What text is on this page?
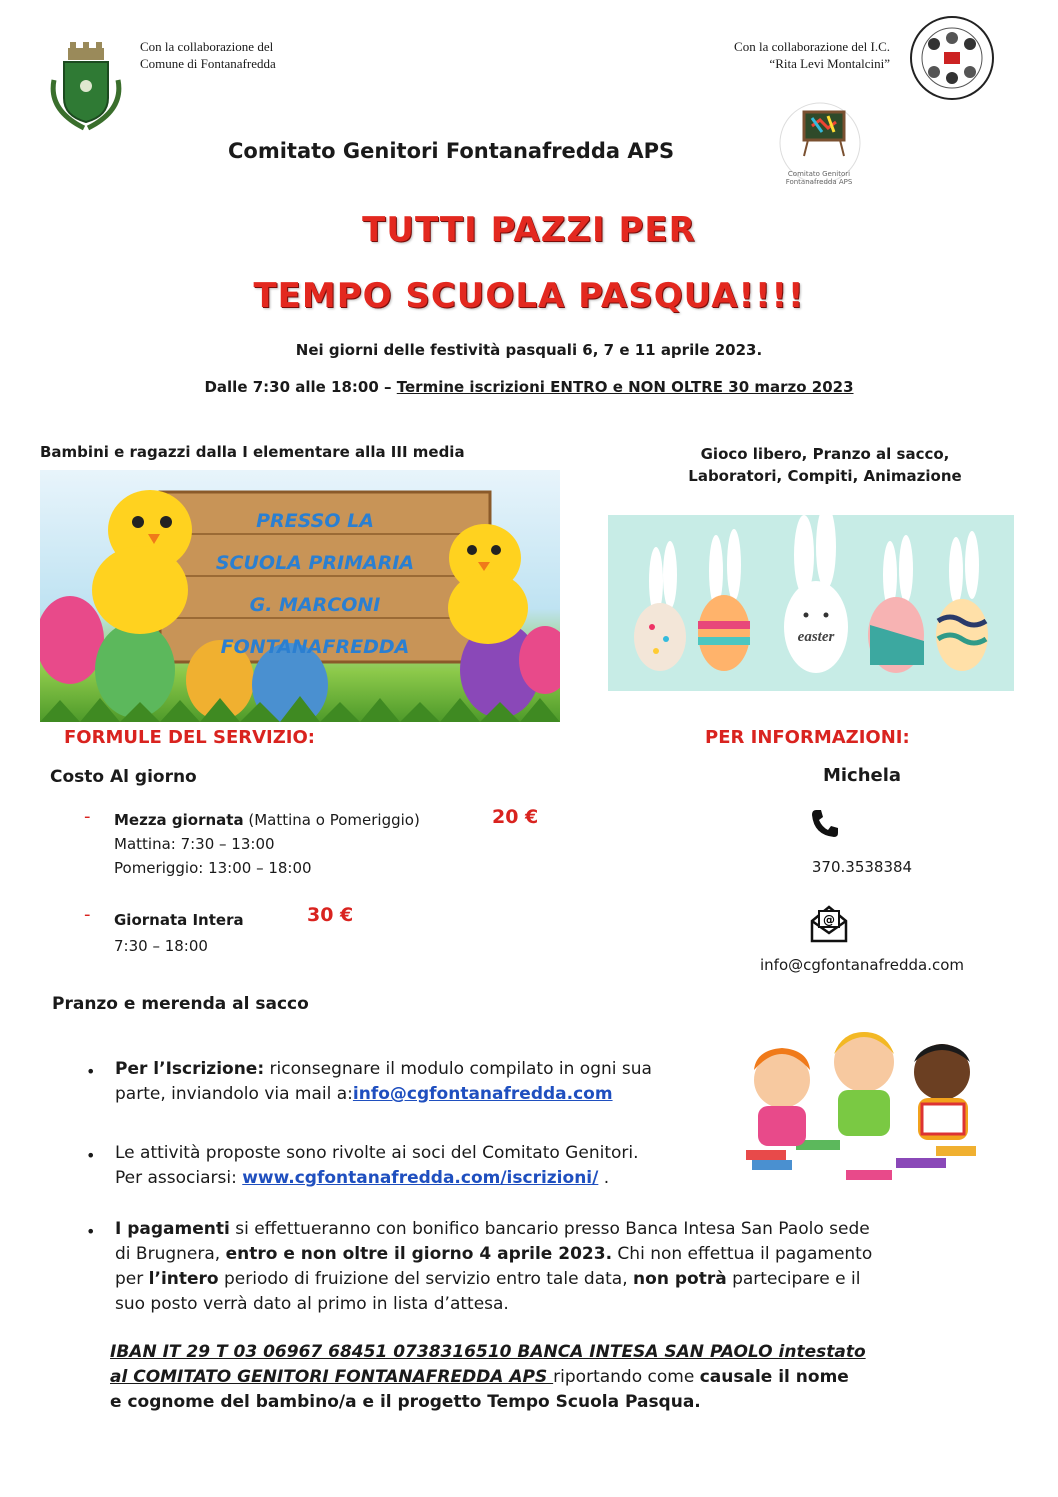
Con la collaborazione del
Comune di Fontanafredda
Con la collaborazione del I.C.
“Rita Levi Montalcini”
Comitato Genitori Fontanafredda APS
Comitato Genitori Fontanafredda APS
TUTTI PAZZI PER
TEMPO SCUOLA PASQUA!!!!
Nei giorni delle festività pasquali 6, 7 e 11 aprile 2023.
Dalle 7:30 alle 18:00 – Termine iscrizioni ENTRO e NON OLTRE 30 marzo 2023
Bambini e ragazzi dalla I elementare alla III media	Gioco libero, Pranzo al sacco,
Laboratori, Compiti, Animazione
PRESSO LA
SCUOLA PRIMARIA
G. MARCONI
FONTANAFREDDA	easter
FORMULE DEL SERVIZIO:
Costo Al giorno
- Mezza giornata (Mattina o Pomeriggio)
Mattina: 7:30 – 13:00
Pomeriggio: 13:00 – 18:00
20 €
- Giornata Intera
7:30 – 18:00
30 €
Pranzo e merenda al sacco
PER INFORMAZIONI:
Michela
370.3538384
@
info@cgfontanafredda.com
• Per l’Iscrizione: riconsegnare il modulo compilato in ogni sua
parte, inviandolo via mail a:info@cgfontanafredda.com
• Le attività proposte sono rivolte ai soci del Comitato Genitori.
Per associarsi: www.cgfontanafredda.com/iscrizioni/ .
• I pagamenti si effettueranno con bonifico bancario presso Banca Intesa San Paolo sede
di Brugnera, entro e non oltre il giorno 4 aprile 2023. Chi non effettua il pagamento
per l’intero periodo di fruizione del servizio entro tale data, non potrà partecipare e il
suo posto verrà dato al primo in lista d’attesa.
IBAN IT 29 T 03 06967 68451 0738316510 BANCA INTESA SAN PAOLO intestato
al COMITATO GENITORI FONTANAFREDDA APS riportando come causale il nome
e cognome del bambino/a e il progetto Tempo Scuola Pasqua.
